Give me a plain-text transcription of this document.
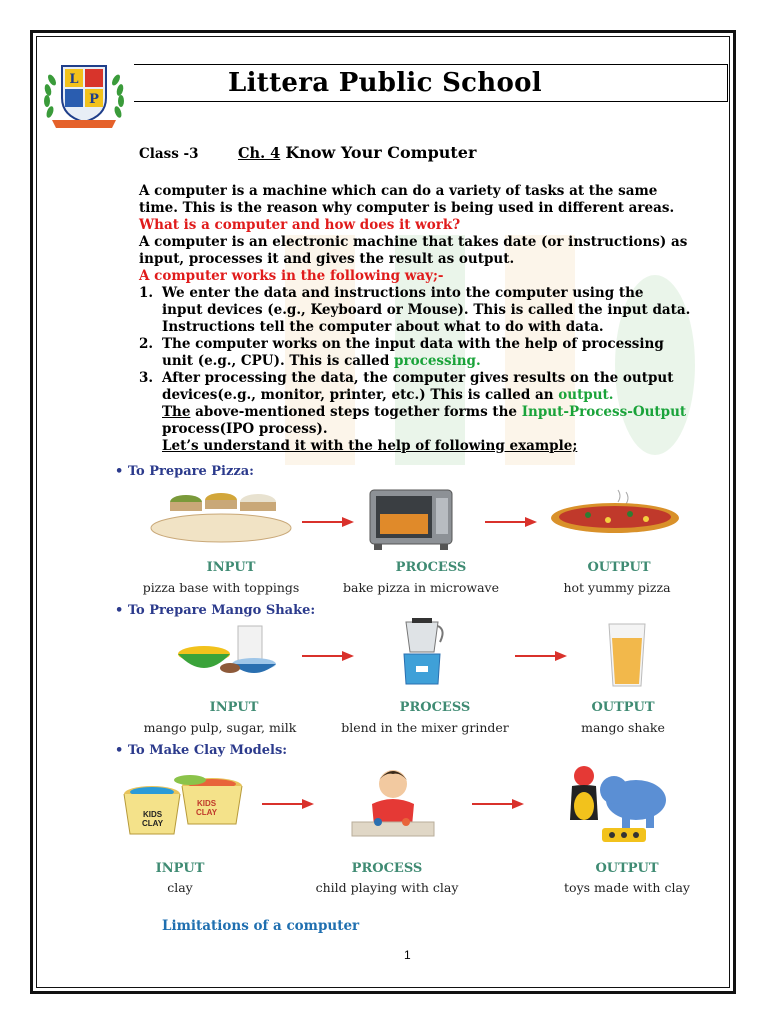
L
P
Littera Public School
Class -3	Ch. 4 Know Your Computer
A computer is a machine which can do a variety of tasks at the same
time. This is the reason why computer is being used in different areas.
What is a computer and how does it work?
A computer is an electronic machine that takes date (or instructions) as
input, processes it and gives the result as output.
A computer works in the following way;-
1. We enter the data and instructions into the computer using the
input devices (e.g., Keyboard or Mouse). This is called the input data.
Instructions tell the computer about what to do with data.
2. The computer works on the input data with the help of processing
unit (e.g., CPU). This is called processing.
3. After processing the data, the computer gives results on the output
devices(e.g., monitor, printer, etc.) This is called an output.
The above-mentioned steps together forms the Input-Process-Output
process(IPO process).
Let’s understand it with the help of following example;
• To Prepare Pizza:
INPUT
pizza base with toppings
PROCESS
bake pizza in microwave
OUTPUT
hot yummy pizza
• To Prepare Mango Shake:
INPUT
mango pulp, sugar, milk
PROCESS
blend in the mixer grinder
OUTPUT
mango shake
• To Make Clay Models:
KIDS
CLAY
KIDS
CLAY
INPUT
clay
PROCESS
child playing with clay
OUTPUT
toys made with clay
Limitations of a computer
1
